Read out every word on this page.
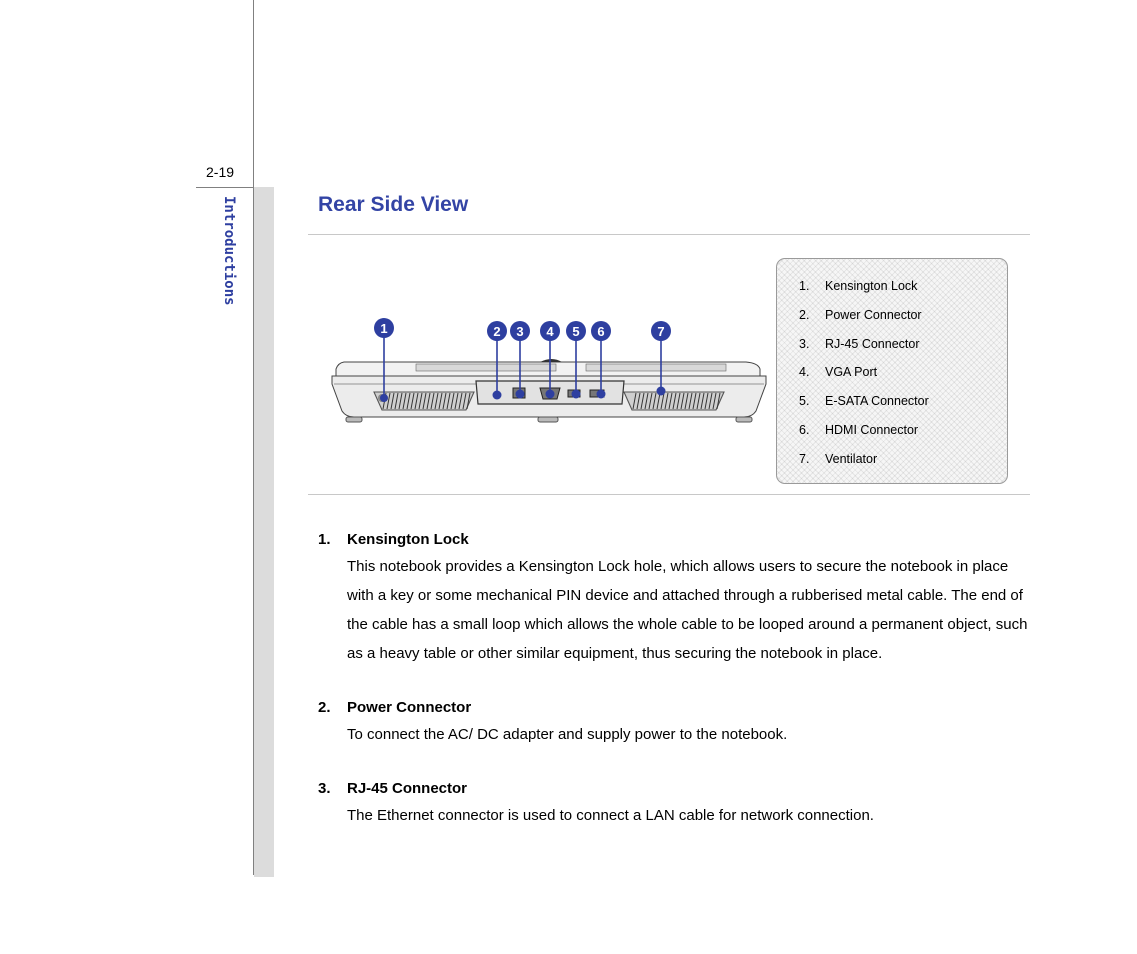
2-19
Introductions	Rear Side View
1	2 3 4 5 6	7
1.	Kensington Lock
2.	Power Connector
3.	RJ-45 Connector
4.	VGA Port
5.	E-SATA Connector
6.	HDMI Connector
7.	Ventilator
1.	Kensington Lock

This notebook provides a Kensington Lock hole, which allows users to secure the notebook in place with a key or some mechanical PIN device and attached through a rubberised metal cable. The end of the cable has a small loop which allows the whole cable to be looped around a permanent object, such as a heavy table or other similar equipment, thus securing the notebook in place.

2.	Power Connector

To connect the AC/ DC adapter and supply power to the notebook.

3.	RJ-45 Connector

The Ethernet connector is used to connect a LAN cable for network connection.
